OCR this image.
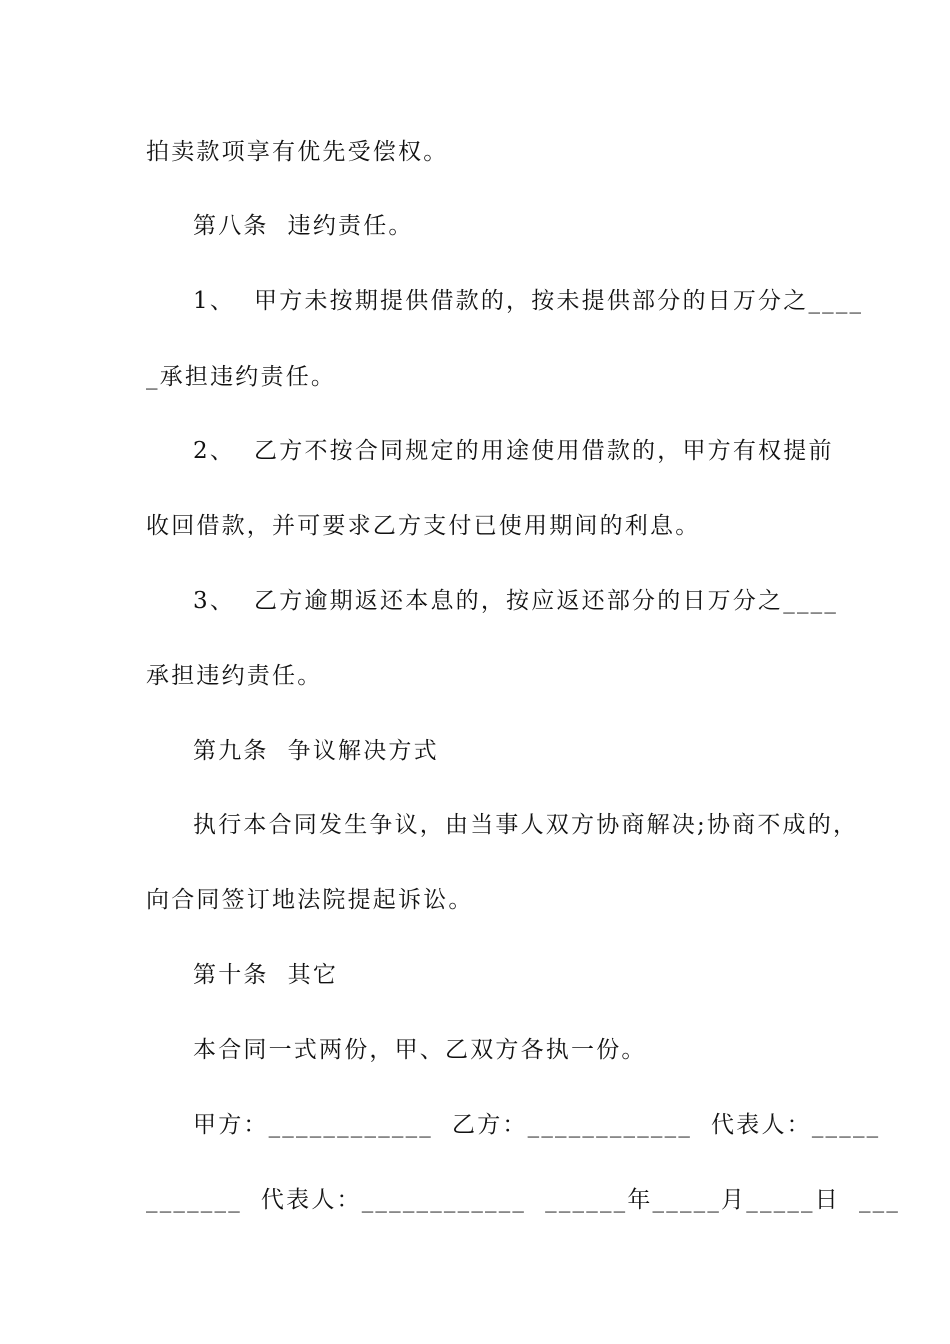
拍卖款项享有优先受偿权。
第八条  违约责任。
1、  甲方未按期提供借款的，按未提供部分的日万分之____
_承担违约责任。
2、  乙方不按合同规定的用途使用借款的，甲方有权提前
收回借款，并可要求乙方支付已使用期间的利息。
3、  乙方逾期返还本息的，按应返还部分的日万分之____
承担违约责任。
第九条  争议解决方式
执行本合同发生争议，由当事人双方协商解决;协商不成的，
向合同签订地法院提起诉讼。
第十条  其它
本合同一式两份，甲、乙双方各执一份。
甲方：____________  乙方：____________  代表人：_____
_______  代表人：____________  ______年_____月_____日  ___
